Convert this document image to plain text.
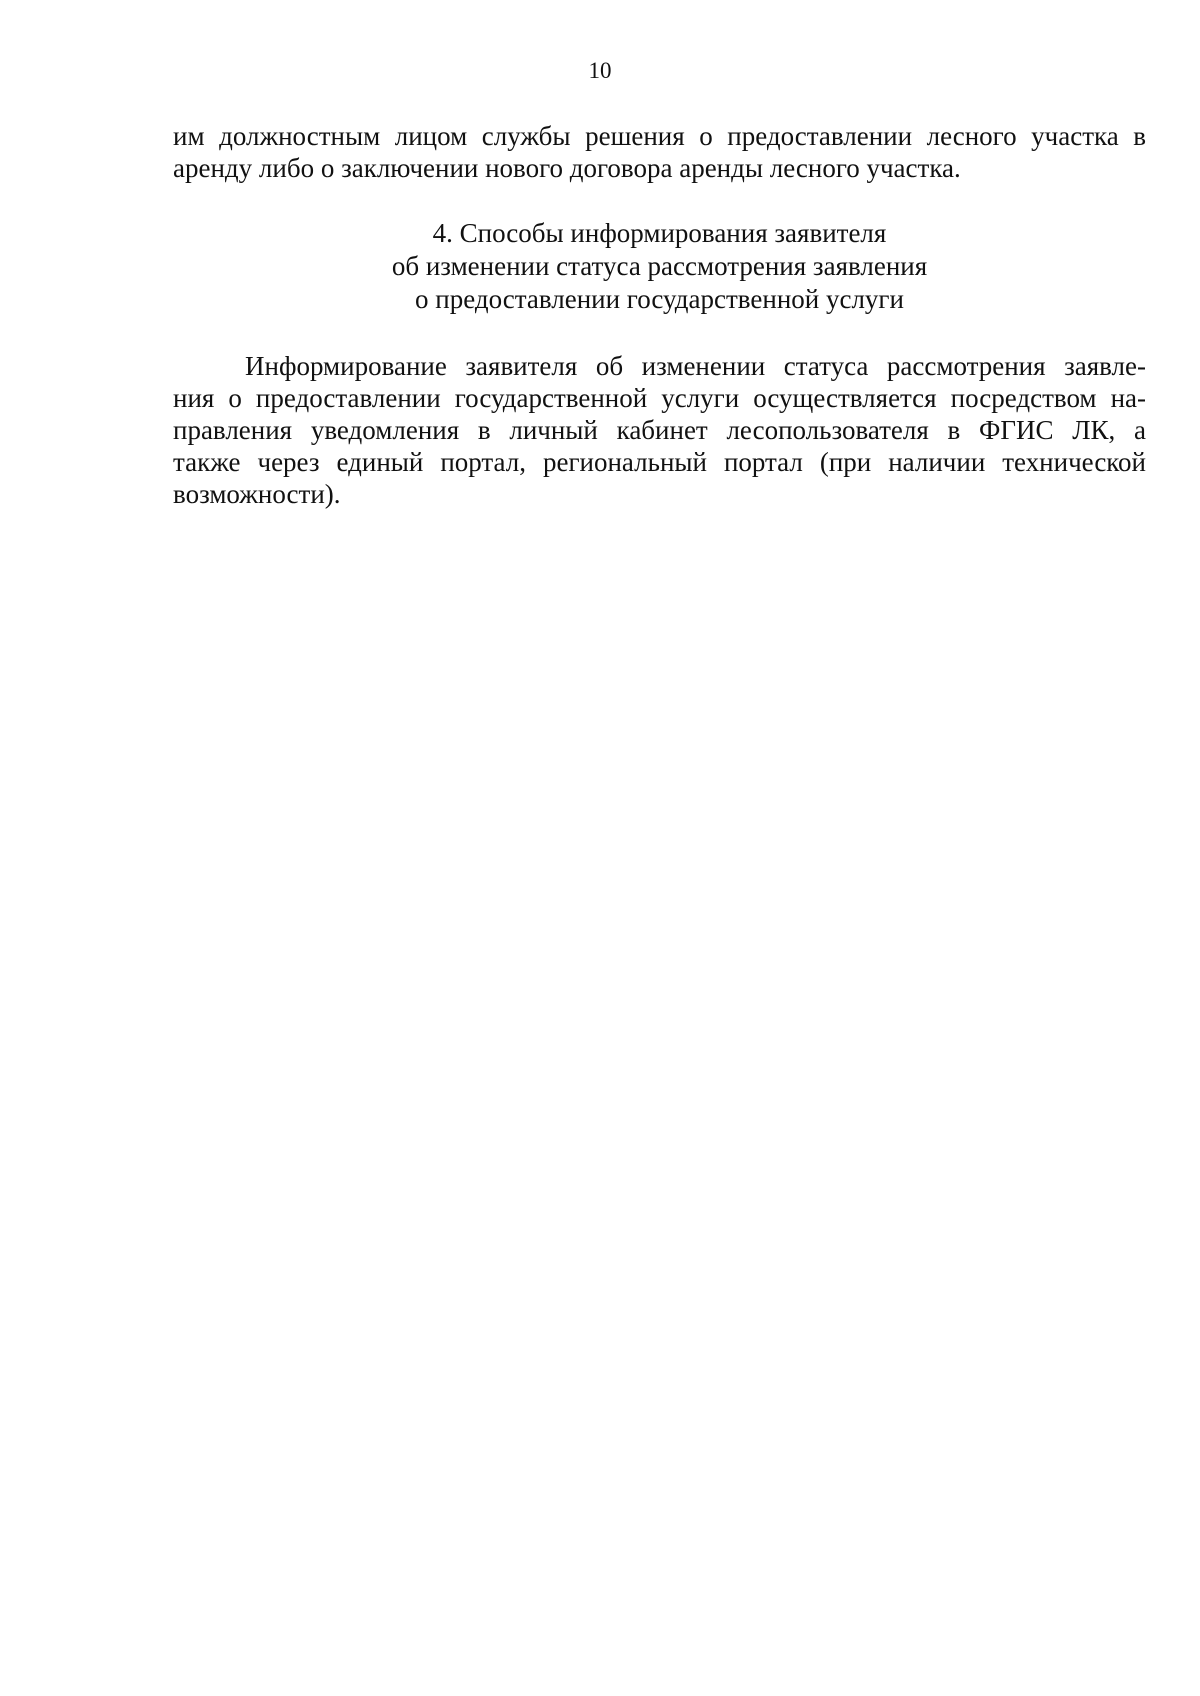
10
им должностным лицом службы решения о предоставлении лесного участка в
аренду либо о заключении нового договора аренды лесного участка.
4. Способы информирования заявителя
об изменении статуса рассмотрения заявления
о предоставлении государственной услуги
Информирование заявителя об изменении статуса рассмотрения заявле-
ния о предоставлении государственной услуги осуществляется посредством на-
правления уведомления в личный кабинет лесопользователя в ФГИС ЛК, а
также через единый портал, региональный портал (при наличии технической
возможности).
